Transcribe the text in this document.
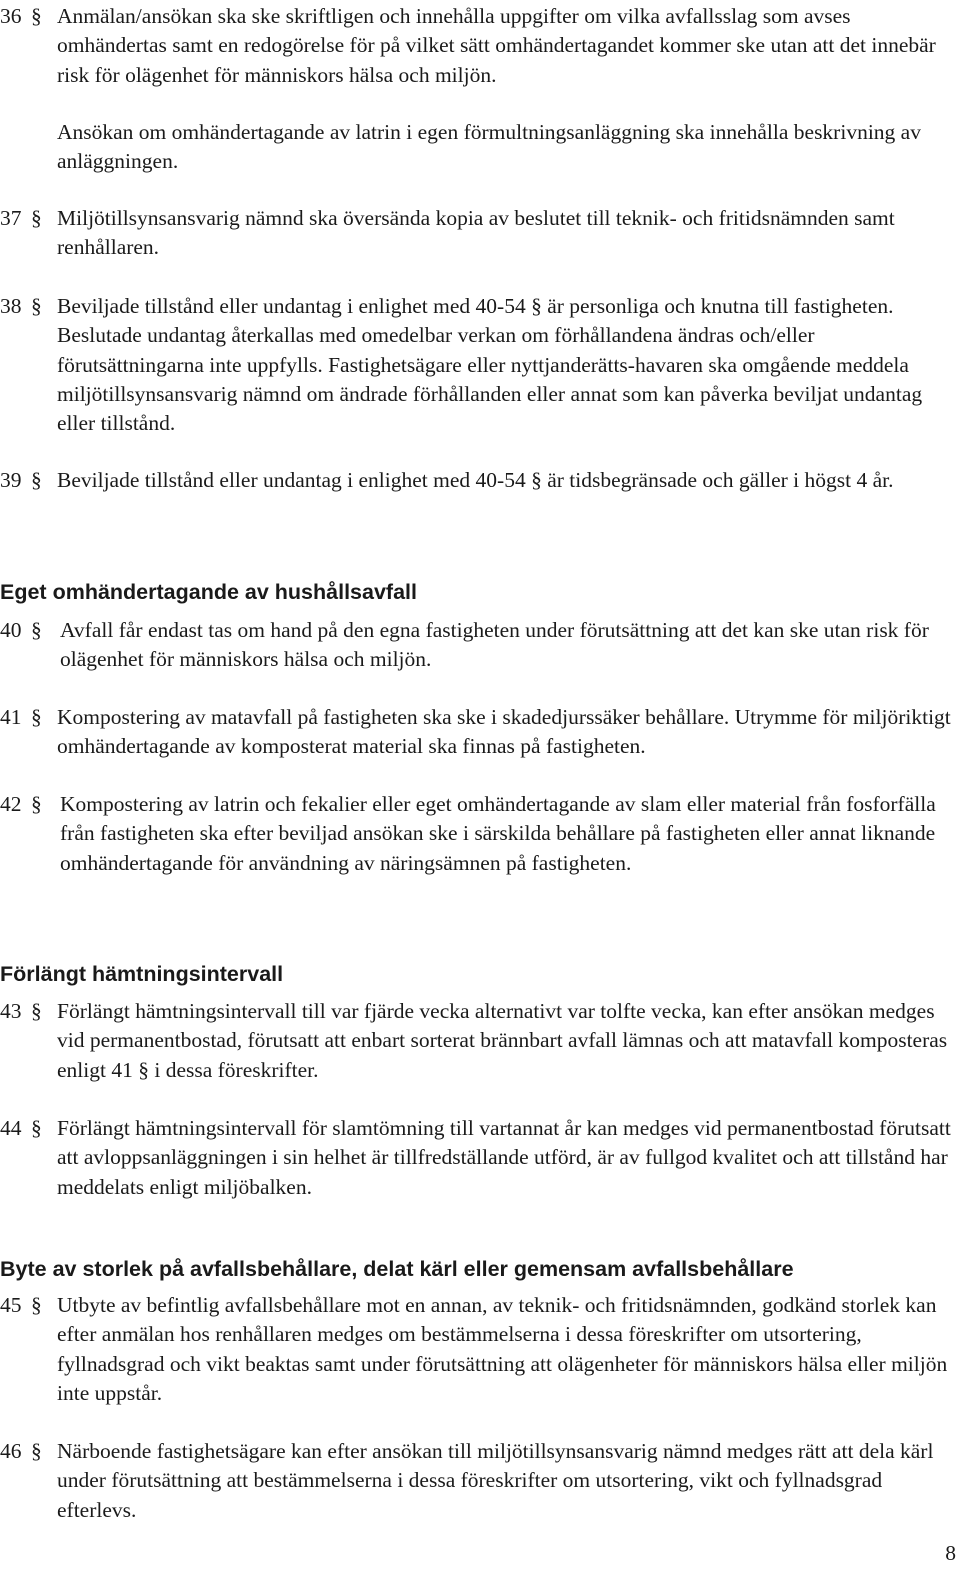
36 § Anmälan/ansökan ska ske skriftligen och innehålla uppgifter om vilka avfallsslag som avses omhändertas samt en redogörelse för på vilket sätt omhändertagandet kommer ske utan att det innebär risk för olägenhet för människors hälsa och miljön.
Ansökan om omhändertagande av latrin i egen förmultningsanläggning ska innehålla beskrivning av anläggningen.
37 § Miljötillsynsansvarig nämnd ska översända kopia av beslutet till teknik- och fritidsnämnden samt renhållaren.
38 § Beviljade tillstånd eller undantag i enlighet med 40-54 § är personliga och knutna till fastigheten. Beslutade undantag återkallas med omedelbar verkan om förhållandena ändras och/eller förutsättningarna inte uppfylls. Fastighetsägare eller nyttjanderätts-havaren ska omgående meddela miljötillsynsansvarig nämnd om ändrade förhållanden eller annat som kan påverka beviljat undantag eller tillstånd.
39 § Beviljade tillstånd eller undantag i enlighet med 40-54 § är tidsbegränsade och gäller i högst 4 år.
Eget omhändertagande av hushållsavfall
40 § Avfall får endast tas om hand på den egna fastigheten under förutsättning att det kan ske utan risk för olägenhet för människors hälsa och miljön.
41 § Kompostering av matavfall på fastigheten ska ske i skadedjurssäker behållare. Utrymme för miljöriktigt omhändertagande av komposterat material ska finnas på fastigheten.
42 § Kompostering av latrin och fekalier eller eget omhändertagande av slam eller material från fosforfälla från fastigheten ska efter beviljad ansökan ske i särskilda behållare på fastigheten eller annat liknande omhändertagande för användning av näringsämnen på fastigheten.
Förlängt hämtningsintervall
43 § Förlängt hämtningsintervall till var fjärde vecka alternativt var tolfte vecka, kan efter ansökan medges vid permanentbostad, förutsatt att enbart sorterat brännbart avfall lämnas och att matavfall komposteras enligt 41 § i dessa föreskrifter.
44 § Förlängt hämtningsintervall för slamtömning till vartannat år kan medges vid permanentbostad förutsatt att avloppsanläggningen i sin helhet är tillfredställande utförd, är av fullgod kvalitet och att tillstånd har meddelats enligt miljöbalken.
Byte av storlek på avfallsbehållare, delat kärl eller gemensam avfallsbehållare
45 § Utbyte av befintlig avfallsbehållare mot en annan, av teknik- och fritidsnämnden, godkänd storlek kan efter anmälan hos renhållaren medges om bestämmelserna i dessa föreskrifter om utsortering, fyllnadsgrad och vikt beaktas samt under förutsättning att olägenheter för människors hälsa eller miljön inte uppstår.
46 § Närboende fastighetsägare kan efter ansökan till miljötillsynsansvarig nämnd medges rätt att dela kärl under förutsättning att bestämmelserna i dessa föreskrifter om utsortering, vikt och fyllnadsgrad efterlevs.
8
